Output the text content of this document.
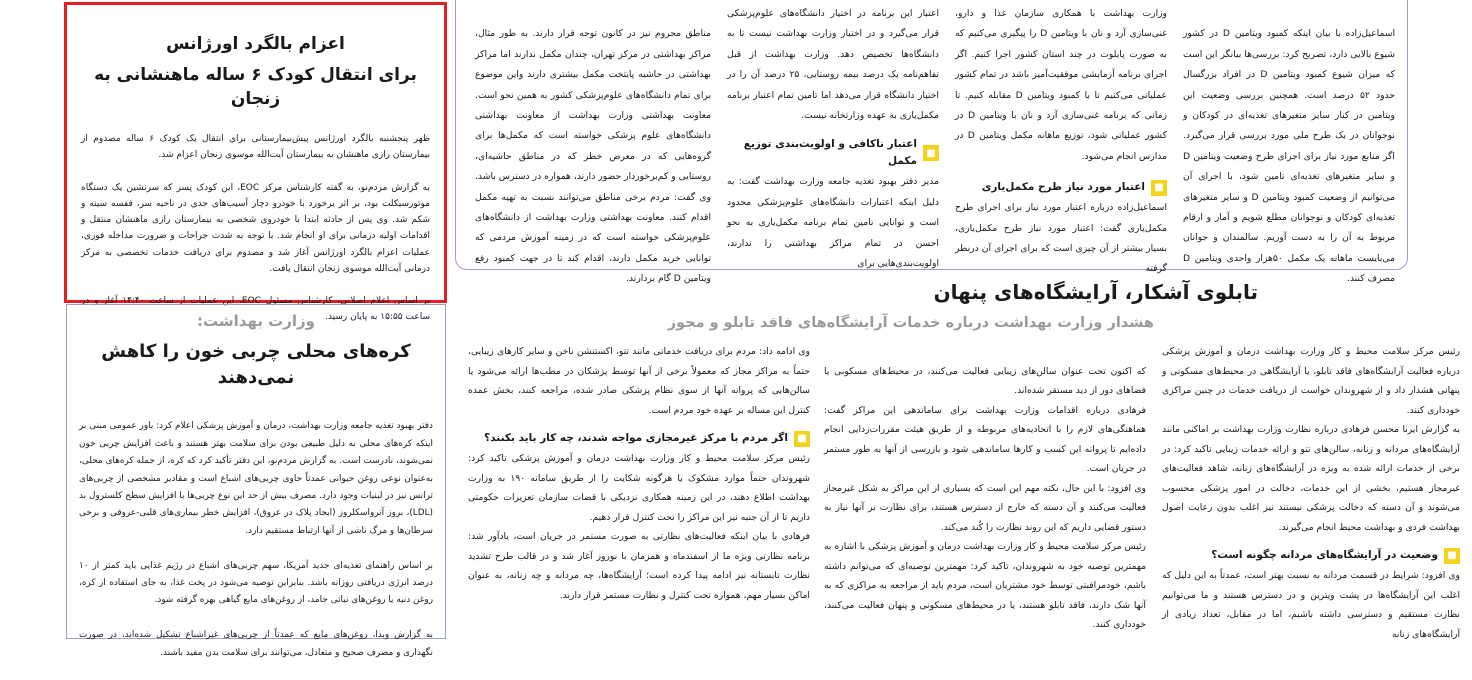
اعزام بالگرد اورژانس
برای انتقال کودک ۶ ساله ماهنشانی به زنجان

ظهر پنجشنبه بالگرد اورژانس پیش‌بیمارستانی برای انتقال یک کودک ۶ ساله مصدوم از بیمارستان رازی ماهنشان به بیمارستان آیت‌الله موسوی زنجان اعزام شد.

به گزارش مردم‌نو، به گفته کارشناس مرکز EOC، این کودک پسر که سرنشین یک دستگاه موتورسیکلت بود، بر اثر برخورد با خودرو دچار آسیب‌های جدی در ناحیه سر، قفسه سینه و شکم شد. وی پس از حادثه ابتدا با خودروی شخصی به بیمارستان رازی ماهنشان منتقل و اقدامات اولیه درمانی برای او انجام شد. با توجه به شدت جراحات و ضرورت مداخله فوری، عملیات اعزام بالگرد اورژانس آغاز شد و مصدوم برای دریافت خدمات تخصصی به مرکز درمانی آیت‌الله موسوی زنجان انتقال یافت.

بر اساس اعلام اصلانی، کارشناس مسئول EOC، این عملیات از ساعت ۱۴:۴۰ آغاز و در ساعت ۱۵:۵۵ به پایان رسید.

وزارت بهداشت:
کره‌های محلی چربی خون را کاهش نمی‌دهند

دفتر بهبود تغذیه جامعه وزارت بهداشت، درمان و آموزش پزشکی اعلام کرد: باور عمومی مبنی بر اینکه کره‌های محلی به دلیل طبیعی بودن برای سلامت بهتر هستند و باعث افزایش چربی خون نمی‌شوند، نادرست است. به گزارش مردم‌نو، این دفتر تأکید کرد که کره، از جمله کره‌های محلی، به‌عنوان نوعی روغن حیوانی عمدتاً حاوی چربی‌های اشباع است و مقادیر مشخصی از چربی‌های ترانس نیز در لبنیات وجود دارد. مصرف بیش از حد این نوع چربی‌ها با افزایش سطح کلسترول بد (LDL)، بروز آترواسکلروز (ایجاد پلاک در عروق)، افزایش خطر بیماری‌های قلبی-عروقی و برخی سرطان‌ها و مرگ ناشی از آنها ارتباط مستقیم دارد.

بر اساس راهنمای تغذیه‌ای جدید آمریکا، سهم چربی‌های اشباع در رژیم غذایی باید کمتر از ۱۰ درصد انرژی دریافتی روزانه باشد. بنابراین توصیه می‌شود در پخت غذا، به جای استفاده از کره، روغن دنبه یا روغن‌های نباتی جامد، از روغن‌های مایع گیاهی بهره گرفته شود.

به گزارش وبدا، روغن‌های مایع که عمدتاً از چربی‌های غیراشباع تشکیل شده‌اند، در صورت نگهداری و مصرف صحیح و متعادل، می‌توانند برای سلامت بدن مفید باشند.

اسماعیل‌زاده با بیان اینکه کمبود ویتامین D در کشور شیوع بالایی دارد، تصریح کرد: بررسی‌ها بیانگر این است که میزان شیوع کمبود ویتامین D در افراد بزرگسال حدود ۵۲ درصد است. همچنین بررسی وضعیت این ویتامین در کنار سایر متغیرهای تغذیه‌ای در کودکان و نوجوانان در یک طرح ملی مورد بررسی قرار می‌گیرد. اگر منابع مورد نیاز برای اجرای طرح وضعیت ویتامین D و سایر متغیرهای تغذیه‌ای تامین شود، با اجرای آن می‌توانیم از وضعیت کمبود ویتامین D و سایر متغیرهای تغذیه‌ای کودکان و نوجوانان مطلع شویم و آمار و ارقام مربوط به آن را به دست آوریم. سالمندان و جوانان می‌بایست ماهانه یک مکمل ۵۰هزار واحدی ویتامین D مصرف کنند.

وزارت بهداشت با همکاری سازمان غذا و دارو، غنی‌سازی آرد و نان با ویتامین D را پیگیری می‌کنیم که به صورت پایلوت در چند استان کشور اجرا کنیم. اگر اجرای برنامه آزمایشی موفقیت‌آمیز باشد در تمام کشور عملیاتی می‌کنیم تا با کمبود ویتامین D مقابله کنیم. تا زمانی که برنامه غنی‌سازی آرد و نان با ویتامین D در کشور عملیاتی شود، توزیع ماهانه مکمل ویتامین D در مدارس انجام می‌شود.
■
اعتبار مورد نیاز طرح مکمل‌یاری
اسماعیل‌زاده درباره اعتبار مورد نیاز برای اجرای طرح مکمل‌یاری گفت: اعتبار مورد نیاز طرح مکمل‌یاری، بسیار بیشتر از آن چیزی است که برای اجرای آن درنظر گرفته
اعتبار این برنامه در اختیار دانشگاه‌های علوم‌پزشکی قرار می‌گیرد و در اختیار وزارت بهداشت نیست تا به دانشگاه‌ها تخصیص دهد. وزارت بهداشت از قبل تفاهم‌نامه یک درصد بیمه روستایی، ۲۵ درصد آن را در اختیار دانشگاه قرار می‌دهد اما تامین تمام اعتبار برنامه مکمل‌یاری به عهده وزارتخانه نیست.
■
اعتبار ناکافی و اولویت‌بندی توزیع مکمل
مدیر دفتر بهبود تغذیه جامعه وزارت بهداشت گفت: به دلیل اینکه اعتبارات دانشگاه‌های علوم‌پزشکی محدود است و توانایی تامین تمام برنامه مکمل‌یاری به نحو احسن در تمام مراکز بهداشتی را ندارند، اولویت‌بندی‌هایی برای

مناطق محروم نیز در کانون توجه قرار دارند. به طور مثال، مراکز بهداشتی در مرکز تهران، چندان مکمل ندارند اما مراکز بهداشتی در حاشیه پایتخت مکمل بیشتری دارند واین موضوع برای تمام دانشگاه‌های علوم‌پزشکی کشور به همین نحو است. معاونت بهداشتی وزارت بهداشت از معاونت بهداشتی دانشگاه‌های علوم پزشکی خواسته است که مکمل‌ها برای گروه‌هایی که در معرض خطر که در مناطق حاشیه‌ای، روستایی و کم‌برخوردار حضور دارند، همواره در دسترس باشد. وی گفت: مردم برخی مناطق می‌توانند نسبت به تهیه مکمل اقدام کنند. معاونت بهداشتی وزارت بهداشت از دانشگاه‌های علوم‌پزشکی خواسته است که در زمینه آموزش مردمی که توانایی خرید مکمل دارند، اقدام کند تا در جهت کمبود رفع ویتامین D گام بردارند.

تابلوی آشکار، آرایشگاه‌های پنهان
هشدار وزارت بهداشت درباره خدمات آرایشگاه‌های فاقد تابلو و مجوز
رئیس مرکز سلامت محیط و کار وزارت بهداشت درمان و آموزش پزشکی درباره فعالیت آرایشگاه‌های فاقد تابلو، یا آرایشگاهی در محیط‌های مسکونی و پنهانی هشدار داد و از شهروندان خواست از دریافت خدمات در چنین مراکزی خودداری کنند.
به گزارش ایرنا محسن فرهادی درباره نظارت وزارت بهداشت بر اماکنی مانند آرایشگاه‌های مردانه و زنانه، سالن‌های تتو و ارائه خدمات زیبایی تاکید کرد: در برخی از خدمات ارائه شده به ویژه در آرایشگاه‌های زنانه، شاهد فعالیت‌های غیرمجاز هستیم، بخشی از این خدمات، دخالت در امور پزشکی محسوب می‌شوند و آن دسته که دخالت پزشکی نیستند نیز اغلب بدون رعایت اصول بهداشت فردی و بهداشت محیط انجام می‌گیرند.
■
وضعیت در آرایشگاه‌های مردانه چگونه است؟
وی افزود: شرایط در قسمت مردانه به نسبت بهتر است، عمدتاً به این دلیل که اغلب این آرایشگاه‌ها در پشت ویترین و در دسترس هستند و ما می‌توانیم نظارت مستقیم و دسترسی داشته باشیم، اما در مقابل، تعداد زیادی از آرایشگاه‌های زنانه

که اکنون تحت عنوان سالن‌های زیبایی فعالیت می‌کنند، در محیط‌های مسکونی یا فضاهای دور از دید مستقر شده‌اند.
فرهادی درباره اقدامات وزارت بهداشت برای ساماندهی این مراکز گفت: هماهنگی‌های لازم را با اتحادیه‌های مربوطه و از طریق هیئت مقررات‌زدایی انجام داده‌ایم تا پروانه این کسب و کارها ساماندهی شود و بازرسی از آنها به طور مستمر در جریان است.
وی افزود: با این حال، نکته مهم این است که بسیاری از این مراکز به شکل غیرمجاز فعالیت می‌کنند و آن دسته که خارج از دسترس هستند، برای نظارت بر آنها نیاز به دستور قضایی داریم که این روند نظارت را کُند می‌کند.
رئیس مرکز سلامت محیط و کار وزارت بهداشت درمان و آموزش پزشکی با اشاره به مهمترین توصیه خود به شهروندان، تاکید کرد: مهمترین توصیه‌ای که می‌توانم داشته باشم، خودمراقبتی توسط خود مشتریان است، مردم باید از مراجعه به مراکزی که به آنها شک دارند، فاقد تابلو هستند، یا در محیط‌های مسکونی و پنهان فعالیت می‌کنند، خودداری کنند.

وی ادامه داد: مردم برای دریافت خدماتی مانند تتو، اکستنشن ناخن و سایر کارهای زیبایی، حتماً به مراکز مجاز که معمولاً برخی از آنها توسط پزشکان در مطب‌ها ارائه می‌شود یا سالن‌هایی که پروانه آنها از سوی نظام پزشکی صادر شده، مراجعه کنند، بخش عمده کنترل این مساله بر عهده خود مردم است.
■
اگر مردم با مرکز غیرمجازی مواجه شدند، چه کار باید بکنند؟
رئیس مرکز سلامت محیط و کار وزارت بهداشت درمان و آموزش پزشکی تاکید کرد: شهروندان حتماً موارد مشکوک یا هرگونه شکایت را از طریق سامانه ۱۹۰ به وزارت بهداشت اطلاع دهند، در این زمینه همکاری نزدیکی با قضات سازمان تعزیرات حکومتی داریم تا از آن جنبه نیز این مراکز را تحت کنترل قرار دهیم.
فرهادی با بیان اینکه فعالیت‌های نظارتی به صورت مستمر در جریان است، یادآور شد: برنامه نظارتی ویژه ما از اسفندماه و همزمان با نوروز آغاز شد و در قالب طرح تشدید نظارت تابستانه نیز ادامه پیدا کرده است؛ آرایشگاه‌ها، چه مردانه و چه زنانه، به عنوان اماکن بسیار مهم، همواره تحت کنترل و نظارت مستمر قرار دارند.
